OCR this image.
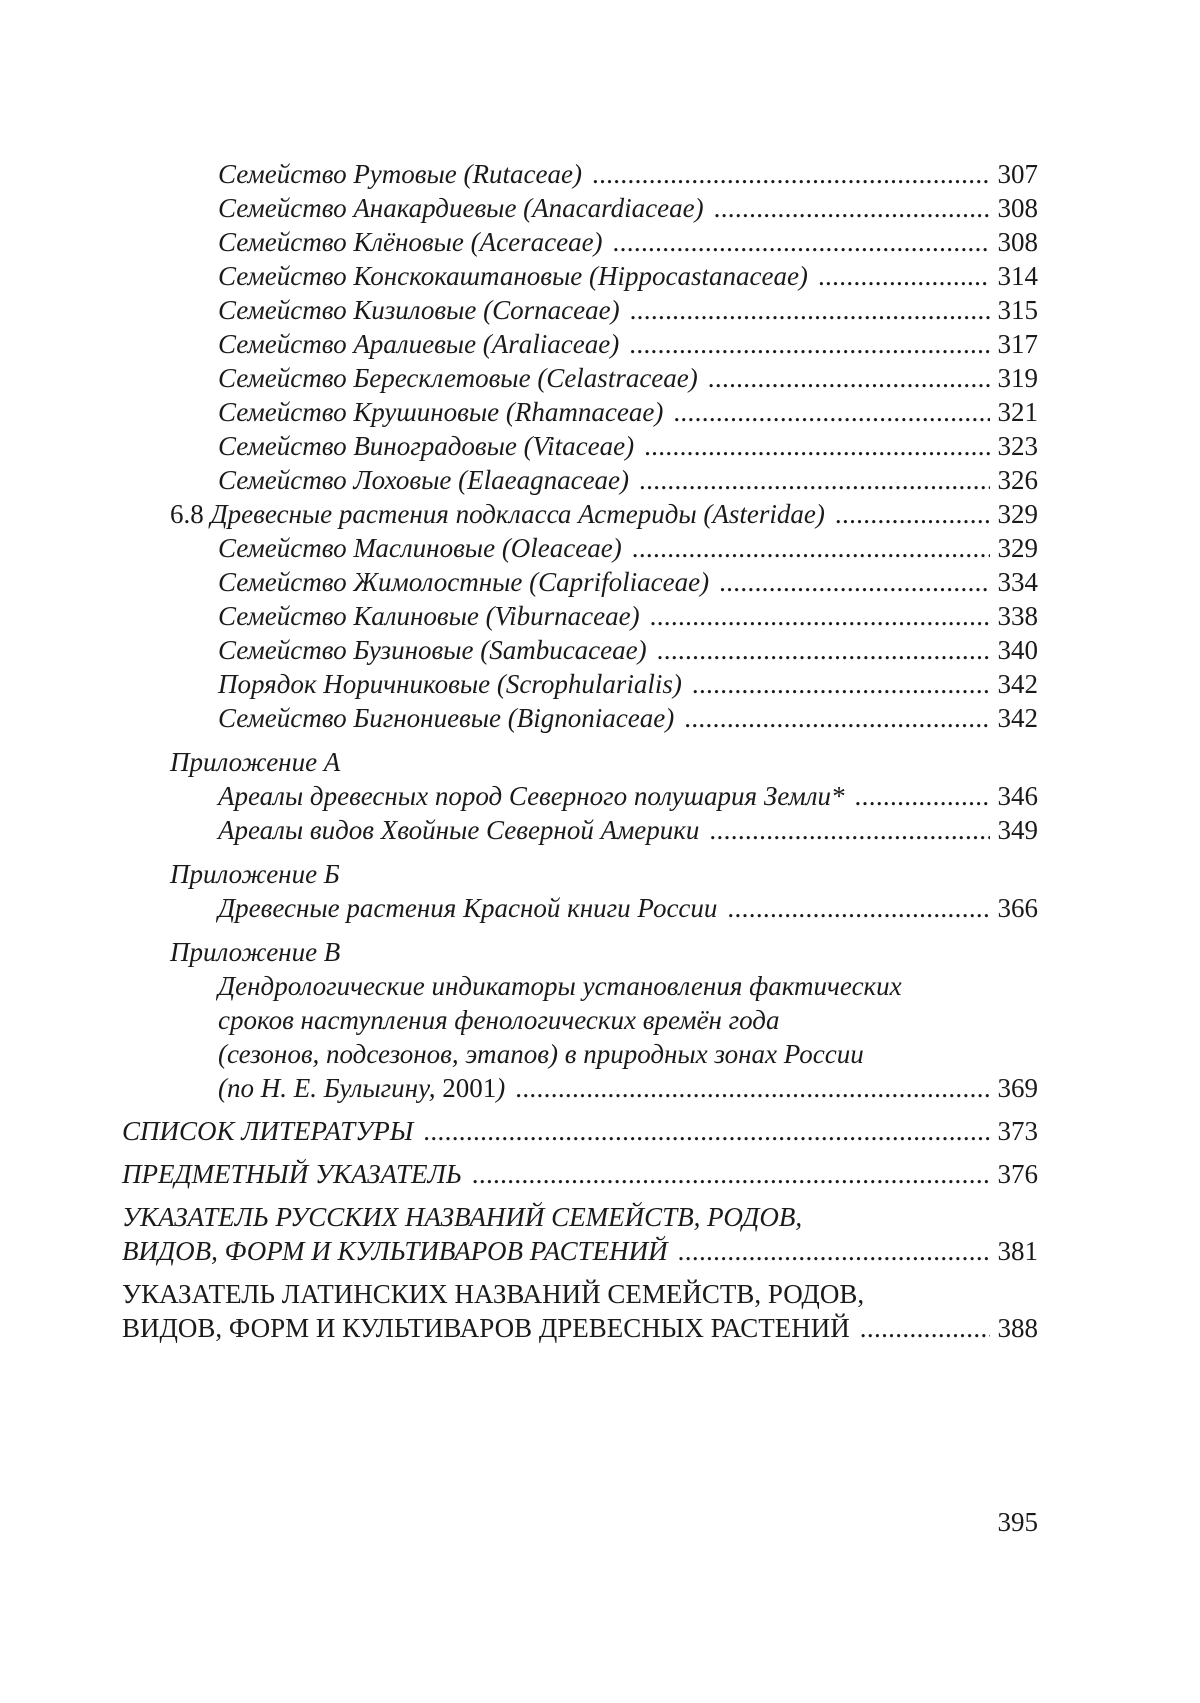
Семейство Рутовые (Rutaceae) . . .	307
Семейство Анакардиевые (Anacardiaceae) . . .	308
Семейство Клёновые (Aceraceae) . . .	308
Семейство Конскокаштановые (Hippocastanaceae) . . .	314
Семейство Кизиловые (Cornaceae) . . .	315
Семейство Аралиевые (Araliaceae) . . .	317
Семейство Бересклетовые (Celastraceae) . . .	319
Семейство Крушиновые (Rhamnaceae) . . .	321
Семейство Виноградовые (Vitaceae) . . .	323
Семейство Лоховые (Elaeagnaceae) . . .	326
6.8 Древесные растения подкласса Астериды (Asteridae) . . .	329
Семейство Маслиновые (Oleaceae) . . .	329
Семейство Жимолостные (Caprifoliaceae) . . .	334
Семейство Калиновые (Viburnaceae) . . .	338
Семейство Бузиновые (Sambucaceae) . . .	340
Порядок Норичниковые (Scrophularialis) . . .	342
Семейство Бигнониевые (Bignoniaceae) . . .	342
Приложение А
Ареалы древесных пород Северного полушария Земли* . . .	346
Ареалы видов Хвойные Северной Америки . . .	349
Приложение Б
Древесные растения Красной книги России . . .	366
Приложение В
Дендрологические индикаторы установления фактических
сроков наступления фенологических времён года
(сезонов, подсезонов, этапов) в природных зонах России
(по Н. Е. Булыгину, 2001) . . .	369
СПИСОК ЛИТЕРАТУРЫ . . .	373
ПРЕДМЕТНЫЙ УКАЗАТЕЛЬ . . .	376
УКАЗАТЕЛЬ РУССКИХ НАЗВАНИЙ СЕМЕЙСТВ, РОДОВ,
ВИДОВ, ФОРМ И КУЛЬТИВАРОВ РАСТЕНИЙ . . .	381
УКАЗАТЕЛЬ ЛАТИНСКИХ НАЗВАНИЙ СЕМЕЙСТВ, РОДОВ,
ВИДОВ, ФОРМ И КУЛЬТИВАРОВ ДРЕВЕСНЫХ РАСТЕНИЙ . . .	388
395
